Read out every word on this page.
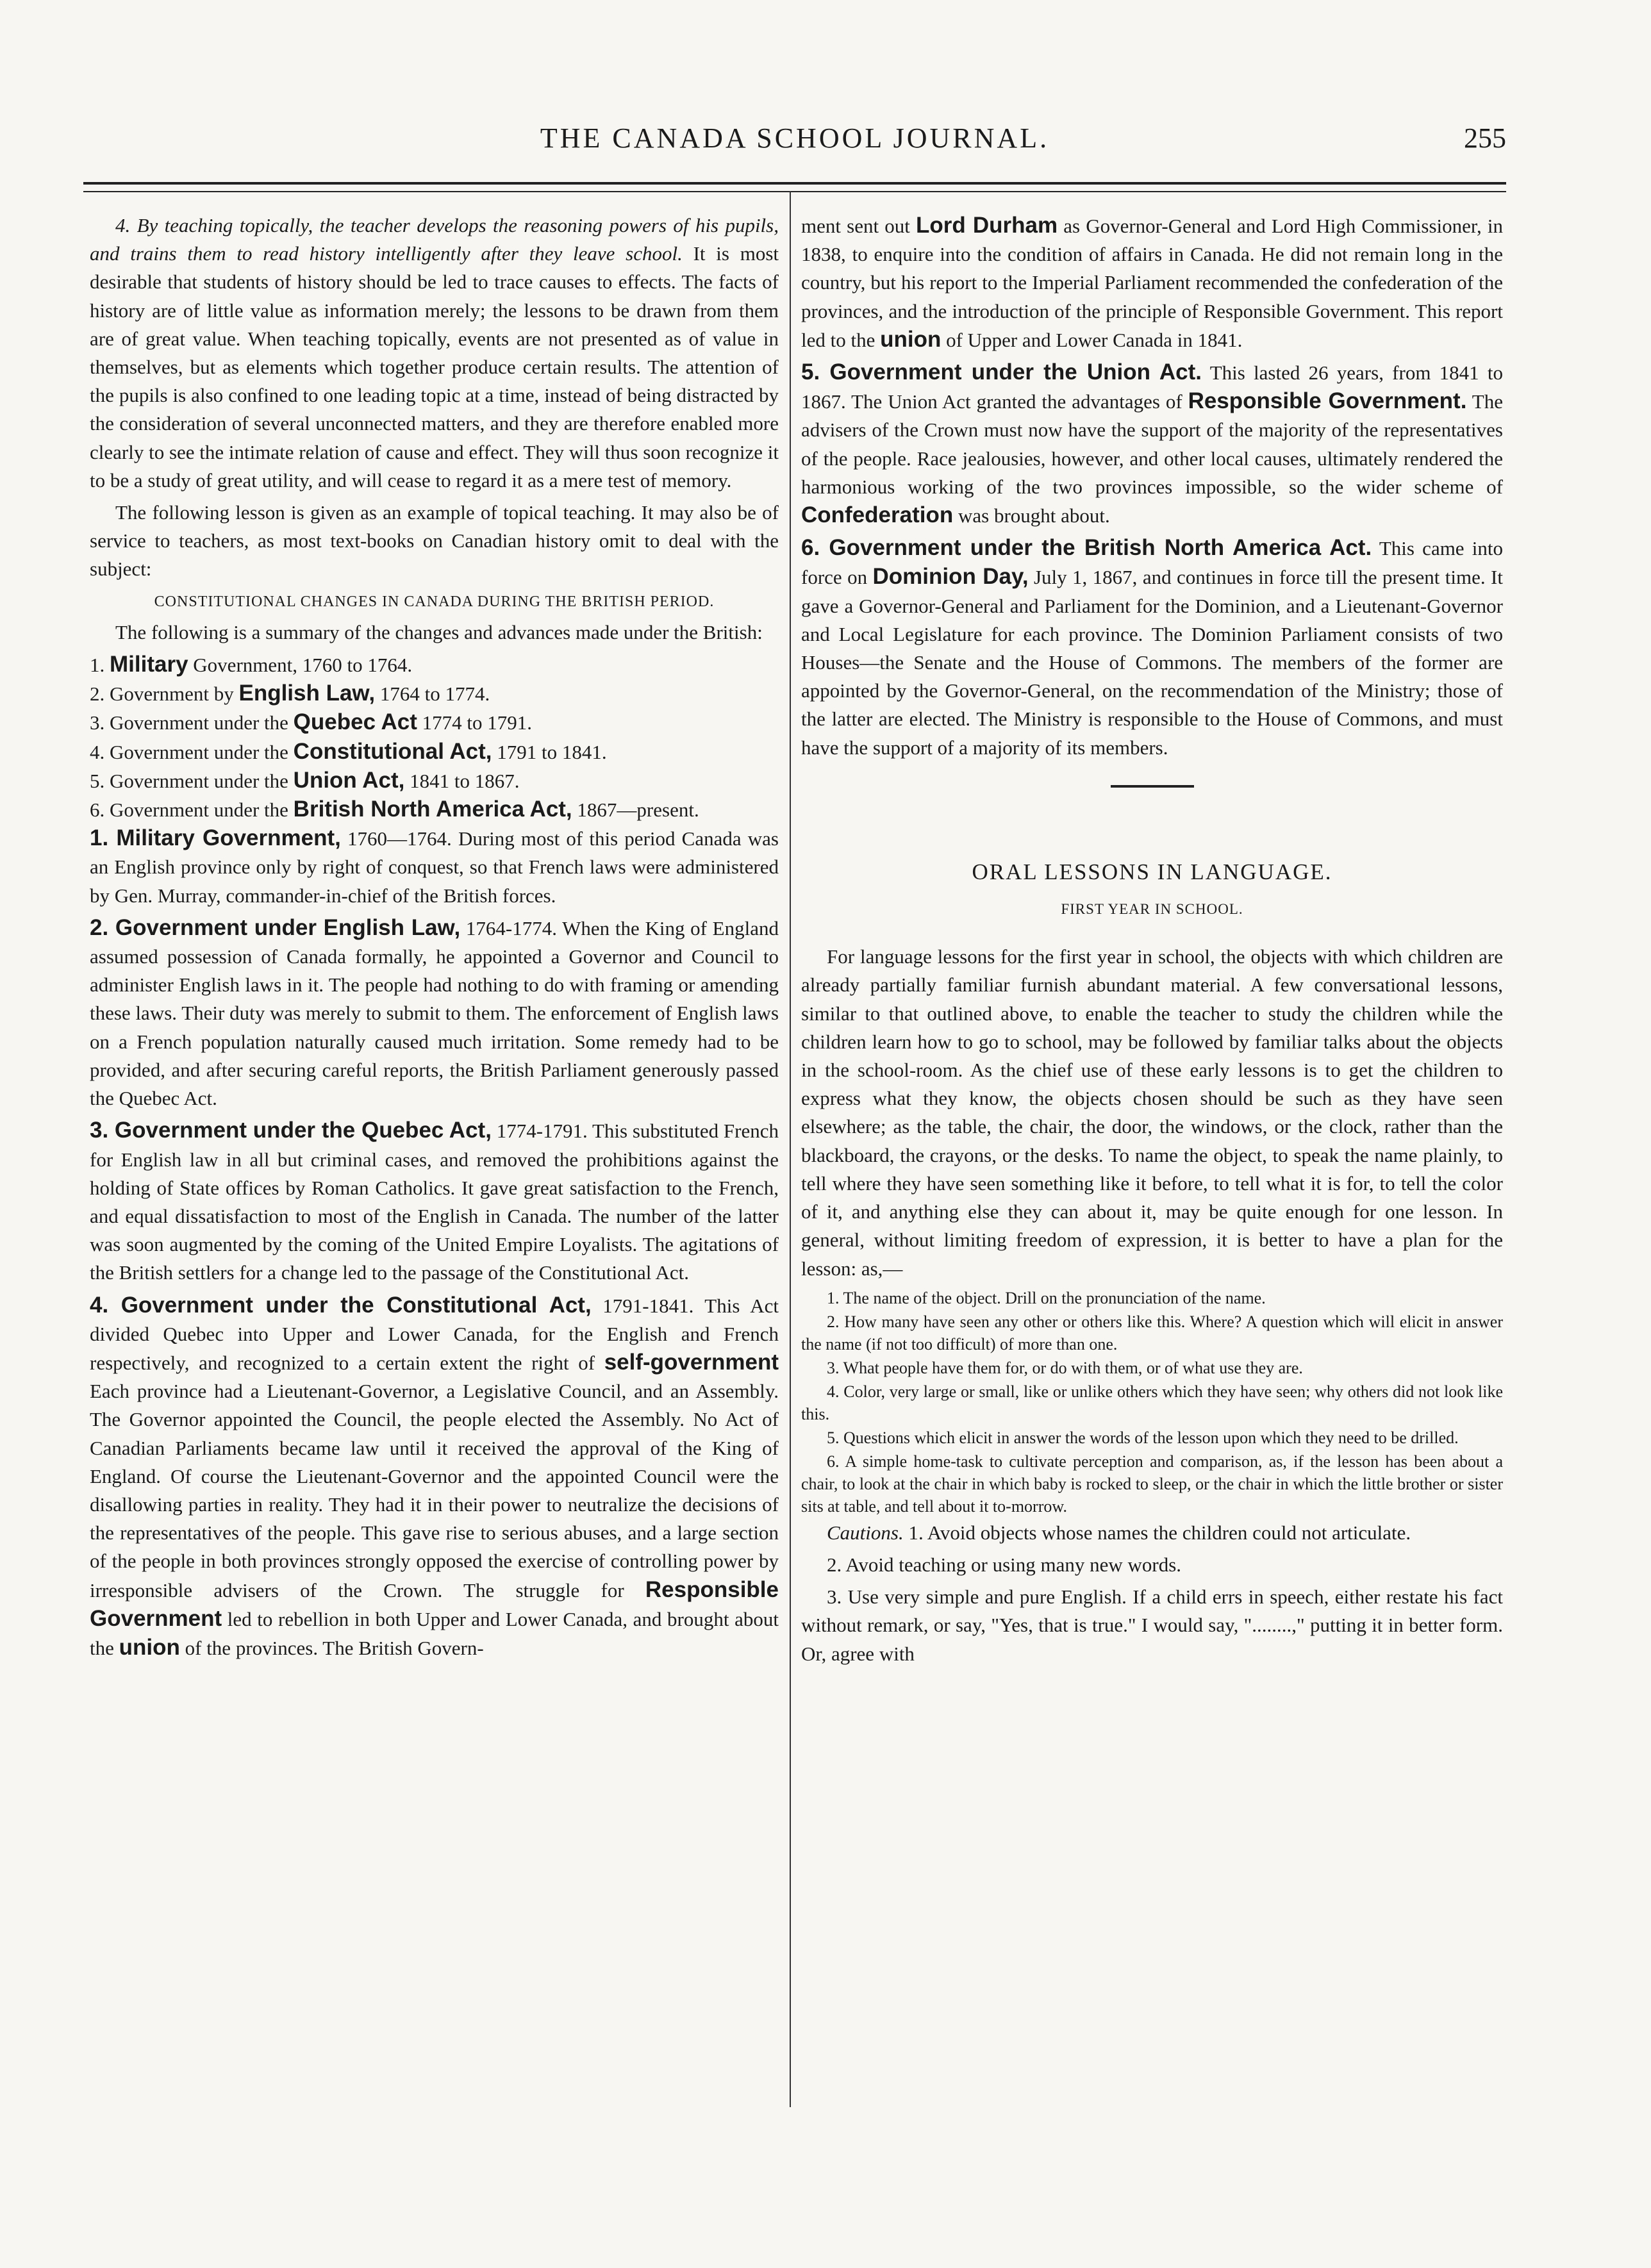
THE CANADA SCHOOL JOURNAL.	255

4. By teaching topically, the teacher develops the reasoning powers of his pupils, and trains them to read history intelligently after they leave school. It is most desirable that students of history should be led to trace causes to effects. The facts of history are of little value as information merely; the lessons to be drawn from them are of great value. When teaching topically, events are not presented as of value in themselves, but as elements which together produce certain results. The attention of the pupils is also confined to one leading topic at a time, instead of being distracted by the consideration of several unconnected matters, and they are therefore enabled more clearly to see the intimate relation of cause and effect. They will thus soon recognize it to be a study of great utility, and will cease to regard it as a mere test of memory.

The following lesson is given as an example of topical teaching. It may also be of service to teachers, as most text-books on Canadian history omit to deal with the subject:

CONSTITUTIONAL CHANGES IN CANADA DURING THE BRITISH PERIOD.

The following is a summary of the changes and advances made under the British:

1. Military Government, 1760 to 1764.

2. Government by English Law, 1764 to 1774.

3. Government under the Quebec Act 1774 to 1791.

4. Government under the Constitutional Act, 1791 to 1841.

5. Government under the Union Act, 1841 to 1867.

6. Government under the British North America Act, 1867—present.

1. Military Government, 1760—1764. During most of this period Canada was an English province only by right of conquest, so that French laws were administered by Gen. Murray, commander-in-chief of the British forces.

2. Government under English Law, 1764-1774. When the King of England assumed possession of Canada formally, he appointed a Governor and Council to administer English laws in it. The people had nothing to do with framing or amending these laws. Their duty was merely to submit to them. The enforcement of English laws on a French population naturally caused much irritation. Some remedy had to be provided, and after securing careful reports, the British Parliament generously passed the Quebec Act.

3. Government under the Quebec Act, 1774-1791. This substituted French for English law in all but criminal cases, and removed the prohibitions against the holding of State offices by Roman Catholics. It gave great satisfaction to the French, and equal dissatisfaction to most of the English in Canada. The number of the latter was soon augmented by the coming of the United Empire Loyalists. The agitations of the British settlers for a change led to the passage of the Constitutional Act.

4. Government under the Constitutional Act, 1791-1841. This Act divided Quebec into Upper and Lower Canada, for the English and French respectively, and recognized to a certain extent the right of self-government Each province had a Lieutenant-Governor, a Legislative Council, and an Assembly. The Governor appointed the Council, the people elected the Assembly. No Act of Canadian Parliaments became law until it received the approval of the King of England. Of course the Lieutenant-Governor and the appointed Council were the disallowing parties in reality. They had it in their power to neutralize the decisions of the representatives of the people. This gave rise to serious abuses, and a large section of the people in both provinces strongly opposed the exercise of controlling power by irresponsible advisers of the Crown. The struggle for Responsible Government led to rebellion in both Upper and Lower Canada, and brought about the union of the provinces. The British Govern-

ment sent out Lord Durham as Governor-General and Lord High Commissioner, in 1838, to enquire into the condition of affairs in Canada. He did not remain long in the country, but his report to the Imperial Parliament recommended the confederation of the provinces, and the introduction of the principle of Responsible Government. This report led to the union of Upper and Lower Canada in 1841.

5. Government under the Union Act. This lasted 26 years, from 1841 to 1867. The Union Act granted the advantages of Responsible Government. The advisers of the Crown must now have the support of the majority of the representatives of the people. Race jealousies, however, and other local causes, ultimately rendered the harmonious working of the two provinces impossible, so the wider scheme of Confederation was brought about.

6. Government under the British North America Act. This came into force on Dominion Day, July 1, 1867, and continues in force till the present time. It gave a Governor-General and Parliament for the Dominion, and a Lieutenant-Governor and Local Legislature for each province. The Dominion Parliament consists of two Houses—the Senate and the House of Commons. The members of the former are appointed by the Governor-General, on the recommendation of the Ministry; those of the latter are elected. The Ministry is responsible to the House of Commons, and must have the support of a majority of its members.

ORAL LESSONS IN LANGUAGE.

FIRST YEAR IN SCHOOL.

For language lessons for the first year in school, the objects with which children are already partially familiar furnish abundant material. A few conversational lessons, similar to that outlined above, to enable the teacher to study the children while the children learn how to go to school, may be followed by familiar talks about the objects in the school-room. As the chief use of these early lessons is to get the children to express what they know, the objects chosen should be such as they have seen elsewhere; as the table, the chair, the door, the windows, or the clock, rather than the blackboard, the crayons, or the desks. To name the object, to speak the name plainly, to tell where they have seen something like it before, to tell what it is for, to tell the color of it, and anything else they can about it, may be quite enough for one lesson. In general, without limiting freedom of expression, it is better to have a plan for the lesson: as,—

1. The name of the object. Drill on the pronunciation of the name.

2. How many have seen any other or others like this. Where? A question which will elicit in answer the name (if not too difficult) of more than one.

3. What people have them for, or do with them, or of what use they are.

4. Color, very large or small, like or unlike others which they have seen; why others did not look like this.

5. Questions which elicit in answer the words of the lesson upon which they need to be drilled.

6. A simple home-task to cultivate perception and comparison, as, if the lesson has been about a chair, to look at the chair in which baby is rocked to sleep, or the chair in which the little brother or sister sits at table, and tell about it to-morrow.

Cautions. 1. Avoid objects whose names the children could not articulate.

2. Avoid teaching or using many new words.

3. Use very simple and pure English. If a child errs in speech, either restate his fact without remark, or say, "Yes, that is true." I would say, "........," putting it in better form. Or, agree with
